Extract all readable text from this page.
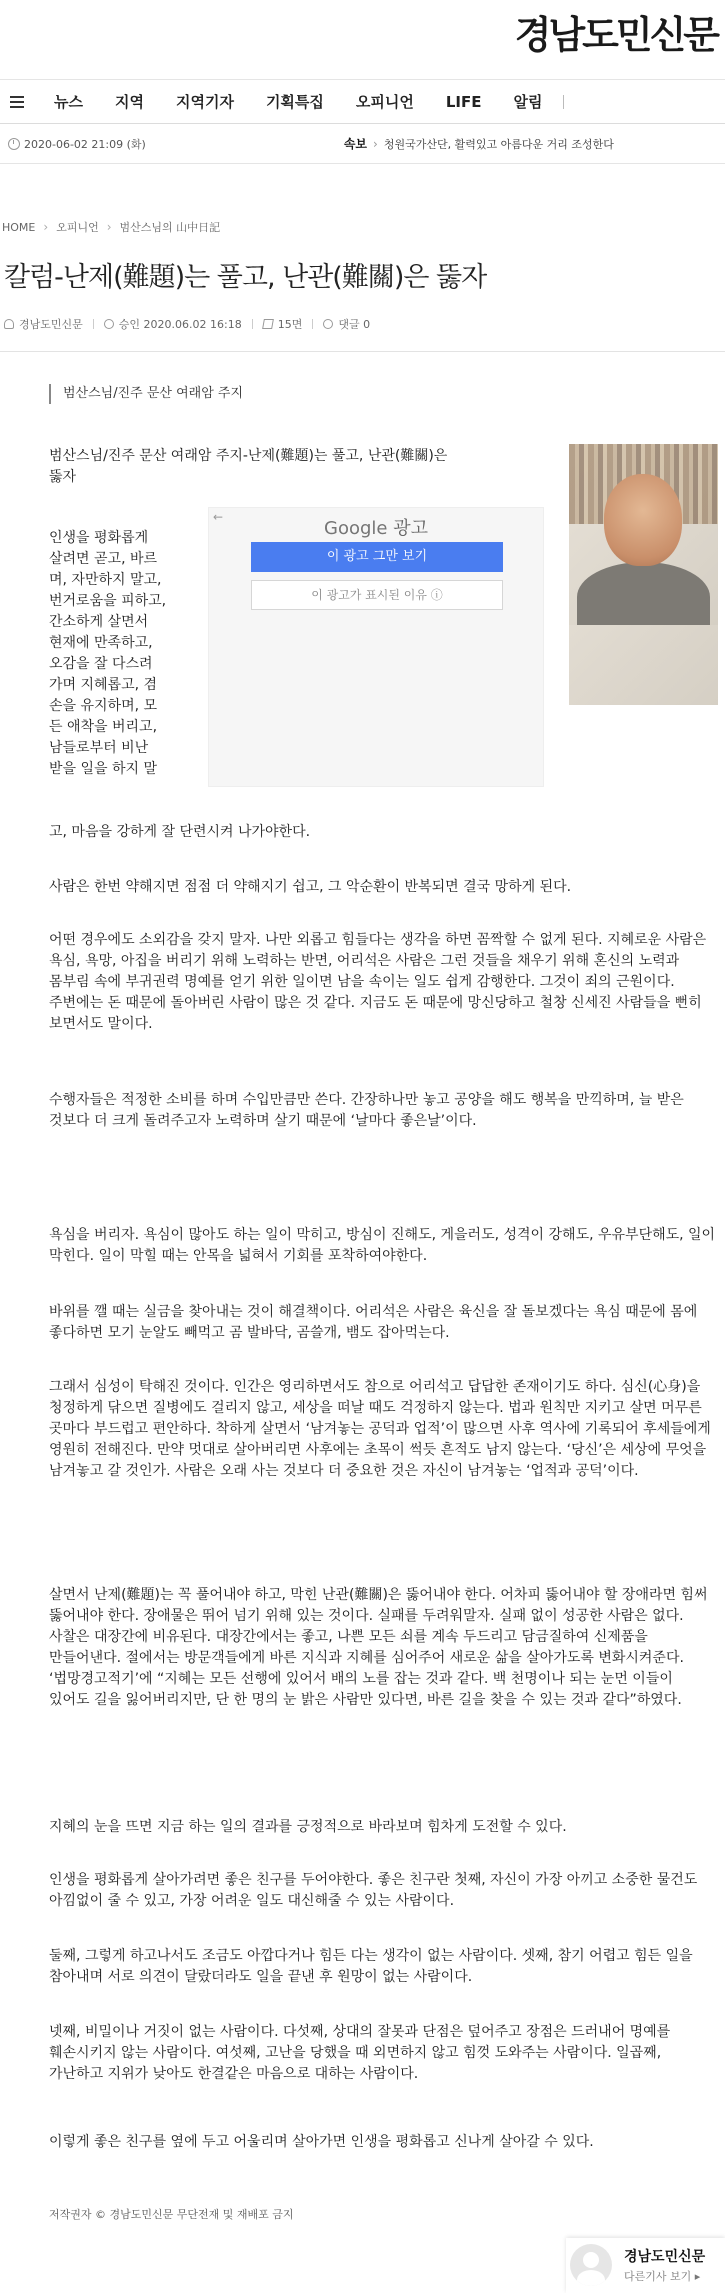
경남도민신문
뉴스	지역	지역기자	기획특집	오피니언	LIFE	알림
2020-06-02 21:09 (화)	속보 › 청원국가산단, 활력있고 아름다운 거리 조성한다
HOME › 오피니언 › 범산스님의 山中日記
칼럼-난제(難題)는 풀고, 난관(難關)은 뚫자
경남도민신문	승인 2020.06.02 16:18	15면	댓글 0
범산스님/진주 문산 여래암 주지
범산스님/진주 문산 여래암 주지-난제(難題)는 풀고, 난관(難關)은
뚫자
인생을 평화롭게
살려면 곧고, 바르
며, 자만하지 말고,
번거로움을 피하고,
간소하게 살면서
현재에 만족하고,
오감을 잘 다스려
가며 지혜롭고, 겸
손을 유지하며, 모
든 애착을 버리고,
남들로부터 비난
받을 일을 하지 말
←
Google 광고
이 광고 그만 보기
이 광고가 표시된 이유 ⓘ
고, 마음을 강하게 잘 단련시켜 나가야한다.

사람은 한번 약해지면 점점 더 약해지기 쉽고, 그 악순환이 반복되면 결국 망하게 된다.

어떤 경우에도 소외감을 갖지 말자. 나만 외롭고 힘들다는 생각을 하면 꼼짝할 수 없게 된다. 지혜로운 사람은 욕심, 욕망, 아집을 버리기 위해 노력하는 반면, 어리석은 사람은 그런 것들을 채우기 위해 혼신의 노력과 몸부림 속에 부귀권력 명예를 얻기 위한 일이면 남을 속이는 일도 쉽게 감행한다. 그것이 죄의 근원이다. 주변에는 돈 때문에 돌아버린 사람이 많은 것 같다. 지금도 돈 때문에 망신당하고 철창 신세진 사람들을 뻔히 보면서도 말이다.

수행자들은 적정한 소비를 하며 수입만큼만 쓴다. 간장하나만 놓고 공양을 해도 행복을 만끽하며, 늘 받은 것보다 더 크게 돌려주고자 노력하며 살기 때문에 ‘날마다 좋은날’이다.

욕심을 버리자. 욕심이 많아도 하는 일이 막히고, 방심이 진해도, 게을러도, 성격이 강해도, 우유부단해도, 일이 막힌다. 일이 막힐 때는 안목을 넓혀서 기회를 포착하여야한다.

바위를 깰 때는 실금을 찾아내는 것이 해결책이다. 어리석은 사람은 육신을 잘 돌보겠다는 욕심 때문에 몸에 좋다하면 모기 눈알도 빼먹고 곰 발바닥, 곰쓸개, 뱀도 잡아먹는다.

그래서 심성이 탁해진 것이다. 인간은 영리하면서도 참으로 어리석고 답답한 존재이기도 하다. 심신(心身)을 청정하게 닦으면 질병에도 걸리지 않고, 세상을 떠날 때도 걱정하지 않는다. 법과 원칙만 지키고 살면 머무른 곳마다 부드럽고 편안하다. 착하게 살면서 ‘남겨놓는 공덕과 업적’이 많으면 사후 역사에 기록되어 후세들에게 영원히 전해진다. 만약 멋대로 살아버리면 사후에는 초목이 썩듯 흔적도 남지 않는다. ‘당신’은 세상에 무엇을 남겨놓고 갈 것인가. 사람은 오래 사는 것보다 더 중요한 것은 자신이 남겨놓는 ‘업적과 공덕’이다.

살면서 난제(難題)는 꼭 풀어내야 하고, 막힌 난관(難關)은 뚫어내야 한다. 어차피 뚫어내야 할 장애라면 힘써 뚫어내야 한다. 장애물은 뛰어 넘기 위해 있는 것이다. 실패를 두려워말자. 실패 없이 성공한 사람은 없다. 사찰은 대장간에 비유된다. 대장간에서는 좋고, 나쁜 모든 쇠를 계속 두드리고 담금질하여 신제품을 만들어낸다. 절에서는 방문객들에게 바른 지식과 지혜를 심어주어 새로운 삶을 살아가도록 변화시켜준다. ‘법망경고적기’에 “지혜는 모든 선행에 있어서 배의 노를 잡는 것과 같다. 백 천명이나 되는 눈먼 이들이 있어도 길을 잃어버리지만, 단 한 명의 눈 밝은 사람만 있다면, 바른 길을 찾을 수 있는 것과 같다”하였다.

지혜의 눈을 뜨면 지금 하는 일의 결과를 긍정적으로 바라보며 힘차게 도전할 수 있다.

인생을 평화롭게 살아가려면 좋은 친구를 두어야한다. 좋은 친구란 첫째, 자신이 가장 아끼고 소중한 물건도 아낌없이 줄 수 있고, 가장 어려운 일도 대신해줄 수 있는 사람이다.

둘째, 그렇게 하고나서도 조금도 아깝다거나 힘든 다는 생각이 없는 사람이다. 셋째, 참기 어렵고 힘든 일을 참아내며 서로 의견이 달랐더라도 일을 끝낸 후 원망이 없는 사람이다.

넷째, 비밀이나 거짓이 없는 사람이다. 다섯째, 상대의 잘못과 단점은 덮어주고 장점은 드러내어 명예를 훼손시키지 않는 사람이다. 여섯째, 고난을 당했을 때 외면하지 않고 힘껏 도와주는 사람이다. 일곱째, 가난하고 지위가 낮아도 한결같은 마음으로 대하는 사람이다.

이렇게 좋은 친구를 옆에 두고 어울리며 살아가면 인생을 평화롭고 신나게 살아갈 수 있다.

저작권자 © 경남도민신문 무단전재 및 재배포 금지
경남도민신문
다른기사 보기 ▸
